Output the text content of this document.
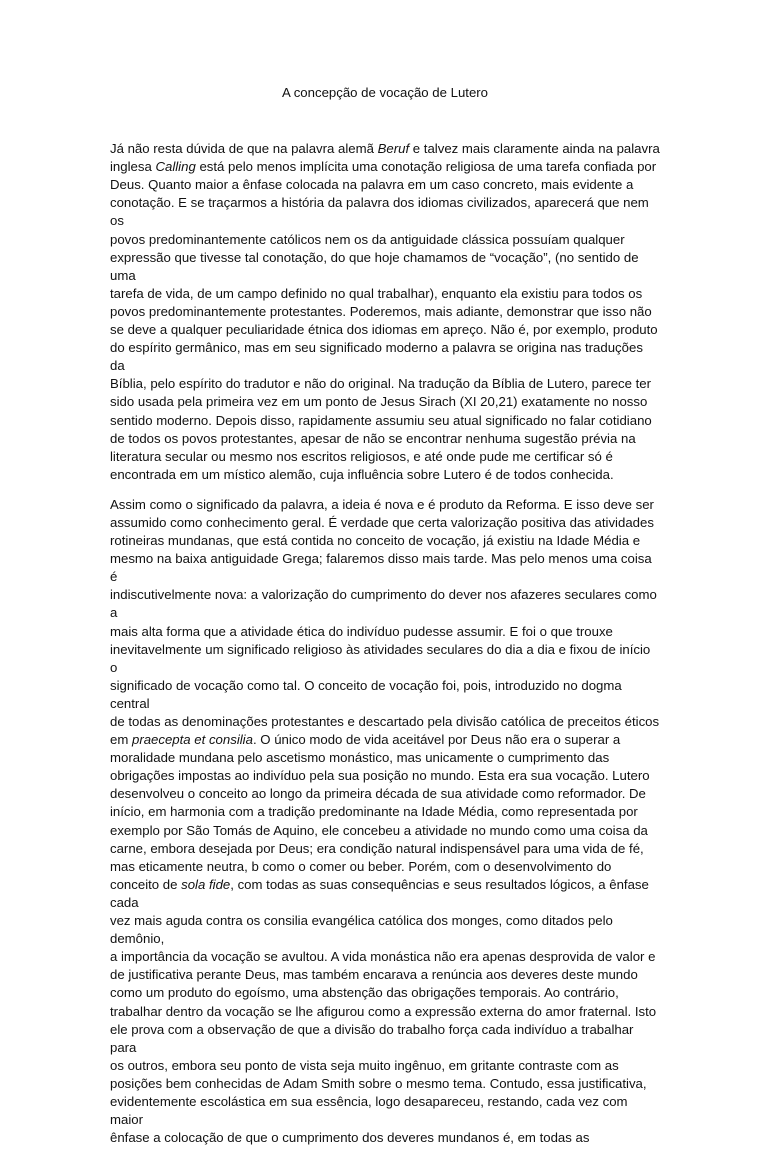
A concepção de vocação de Lutero

Já não resta dúvida de que na palavra alemã Beruf e talvez mais claramente ainda na palavra
inglesa Calling está pelo menos implícita uma conotação religiosa de uma tarefa confiada por
Deus. Quanto maior a ênfase colocada na palavra em um caso concreto, mais evidente a
conotação. E se traçarmos a história da palavra dos idiomas civilizados, aparecerá que nem os
povos predominantemente católicos nem os da antiguidade clássica possuíam qualquer
expressão que tivesse tal conotação, do que hoje chamamos de “vocação”, (no sentido de uma
tarefa de vida, de um campo definido no qual trabalhar), enquanto ela existiu para todos os
povos predominantemente protestantes. Poderemos, mais adiante, demonstrar que isso não
se deve a qualquer peculiaridade étnica dos idiomas em apreço. Não é, por exemplo, produto
do espírito germânico, mas em seu significado moderno a palavra se origina nas traduções da
Bíblia, pelo espírito do tradutor e não do original. Na tradução da Bíblia de Lutero, parece ter
sido usada pela primeira vez em um ponto de Jesus Sirach (XI 20,21) exatamente no nosso
sentido moderno. Depois disso, rapidamente assumiu seu atual significado no falar cotidiano
de todos os povos protestantes, apesar de não se encontrar nenhuma sugestão prévia na
literatura secular ou mesmo nos escritos religiosos, e até onde pude me certificar só é
encontrada em um místico alemão, cuja influência sobre Lutero é de todos conhecida.

Assim como o significado da palavra, a ideia é nova e é produto da Reforma. E isso deve ser
assumido como conhecimento geral. É verdade que certa valorização positiva das atividades
rotineiras mundanas, que está contida no conceito de vocação, já existiu na Idade Média e
mesmo na baixa antiguidade Grega; falaremos disso mais tarde. Mas pelo menos uma coisa é
indiscutivelmente nova: a valorização do cumprimento do dever nos afazeres seculares como a
mais alta forma que a atividade ética do indivíduo pudesse assumir. E foi o que trouxe
inevitavelmente um significado religioso às atividades seculares do dia a dia e fixou de início o
significado de vocação como tal. O conceito de vocação foi, pois, introduzido no dogma central
de todas as denominações protestantes e descartado pela divisão católica de preceitos éticos
em praecepta et consilia. O único modo de vida aceitável por Deus não era o superar a
moralidade mundana pelo ascetismo monástico, mas unicamente o cumprimento das
obrigações impostas ao indivíduo pela sua posição no mundo. Esta era sua vocação. Lutero
desenvolveu o conceito ao longo da primeira década de sua atividade como reformador. De
início, em harmonia com a tradição predominante na Idade Média, como representada por
exemplo por São Tomás de Aquino, ele concebeu a atividade no mundo como uma coisa da
carne, embora desejada por Deus; era condição natural indispensável para uma vida de fé,
mas eticamente neutra, b como o comer ou beber. Porém, com o desenvolvimento do
conceito de sola fide, com todas as suas consequências e seus resultados lógicos, a ênfase cada
vez mais aguda contra os consilia evangélica católica dos monges, como ditados pelo demônio,
a importância da vocação se avultou. A vida monástica não era apenas desprovida de valor e
de justificativa perante Deus, mas também encarava a renúncia aos deveres deste mundo
como um produto do egoísmo, uma abstenção das obrigações temporais. Ao contrário,
trabalhar dentro da vocação se lhe afigurou como a expressão externa do amor fraternal. Isto
ele prova com a observação de que a divisão do trabalho força cada indivíduo a trabalhar para
os outros, embora seu ponto de vista seja muito ingênuo, em gritante contraste com as
posições bem conhecidas de Adam Smith sobre o mesmo tema. Contudo, essa justificativa,
evidentemente escolástica em sua essência, logo desapareceu, restando, cada vez com maior
ênfase a colocação de que o cumprimento dos deveres mundanos é, em todas as
